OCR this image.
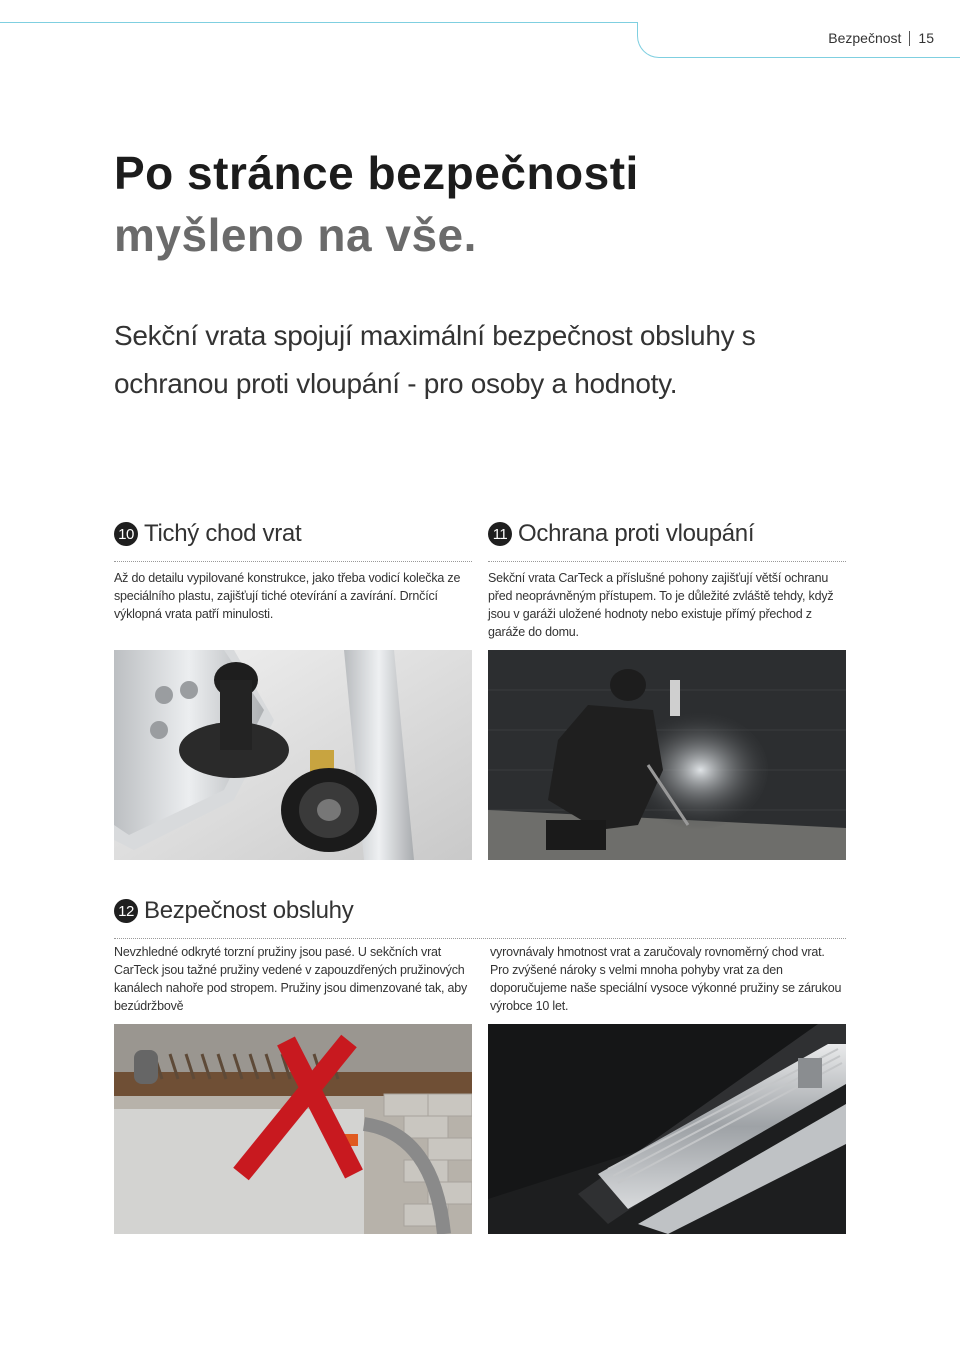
Bezpečnost 15
Po stránce bezpečnosti
myšleno na vše.
Sekční vrata spojují maximální bezpečnost obsluhy s ochranou proti vloupání - pro osoby a hodnoty.
10 Tichý chod vrat
Až do detailu vypilované konstrukce, jako třeba vodicí kolečka ze speciálního plastu, zajišťují tiché otevírání a zavírání. Drnčící výklopná vrata patří minulosti.
11 Ochrana proti vloupání
Sekční vrata CarTeck a příslušné pohony zajišťují větší ochranu před neoprávněným přístupem. To je důležité zvláště tehdy, když jsou v garáži uložené hodnoty nebo existuje přímý přechod z garáže do domu.
12 Bezpečnost obsluhy
Nevzhledné odkryté torzní pružiny jsou pasé. U sekčních vrat CarTeck jsou tažné pružiny vedené v zapouzdřených pružinových kanálech nahoře pod stropem. Pružiny jsou dimenzované tak, aby bezúdržbově
vyrovnávaly hmotnost vrat a zaručovaly rovnoměrný chod vrat. Pro zvýšené nároky s velmi mnoha pohyby vrat za den doporučujeme naše speciální vysoce výkonné pružiny se zárukou výrobce 10 let.
